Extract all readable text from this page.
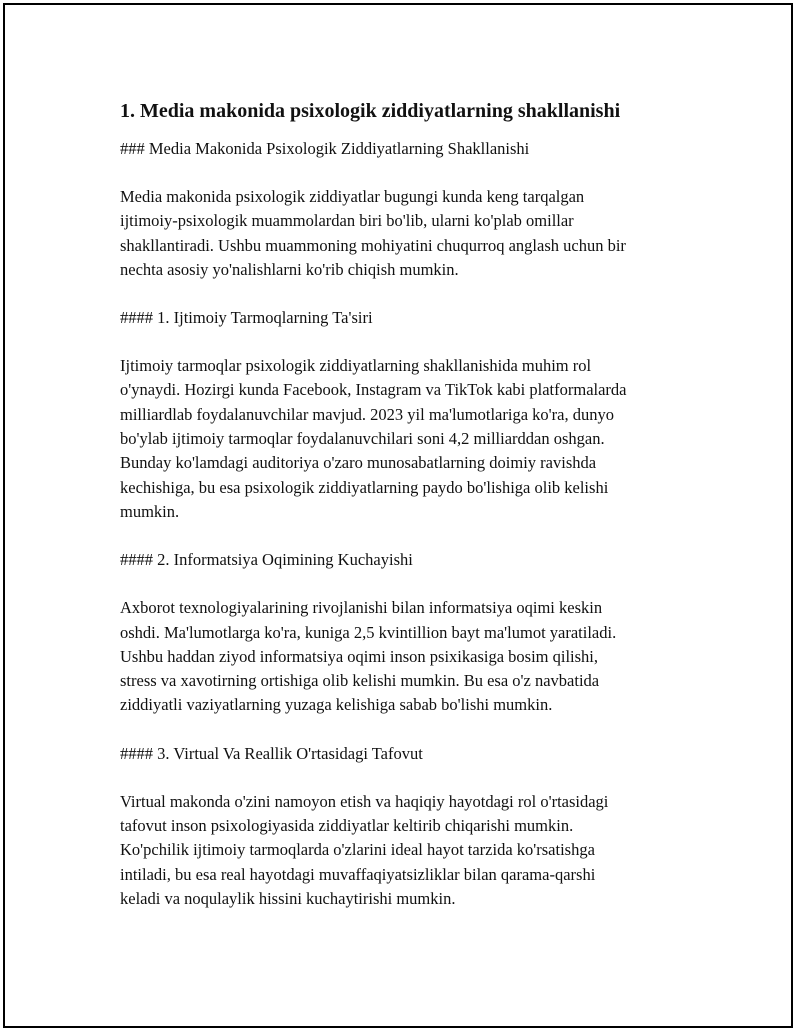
1. Media makonida psixologik ziddiyatlarning shakllanishi

### Media Makonida Psixologik Ziddiyatlarning Shakllanishi

Media makonida psixologik ziddiyatlar bugungi kunda keng tarqalgan
ijtimoiy-psixologik muammolardan biri bo'lib, ularni ko'plab omillar
shakllantiradi. Ushbu muammoning mohiyatini chuqurroq anglash uchun bir
nechta asosiy yo'nalishlarni ko'rib chiqish mumkin.

#### 1. Ijtimoiy Tarmoqlarning Ta'siri

Ijtimoiy tarmoqlar psixologik ziddiyatlarning shakllanishida muhim rol
o'ynaydi. Hozirgi kunda Facebook, Instagram va TikTok kabi platformalarda
milliardlab foydalanuvchilar mavjud. 2023 yil ma'lumotlariga ko'ra, dunyo
bo'ylab ijtimoiy tarmoqlar foydalanuvchilari soni 4,2 milliarddan oshgan.
Bunday ko'lamdagi auditoriya o'zaro munosabatlarning doimiy ravishda
kechishiga, bu esa psixologik ziddiyatlarning paydo bo'lishiga olib kelishi
mumkin.

#### 2. Informatsiya Oqimining Kuchayishi

Axborot texnologiyalarining rivojlanishi bilan informatsiya oqimi keskin
oshdi. Ma'lumotlarga ko'ra, kuniga 2,5 kvintillion bayt ma'lumot yaratiladi.
Ushbu haddan ziyod informatsiya oqimi inson psixikasiga bosim qilishi,
stress va xavotirning ortishiga olib kelishi mumkin. Bu esa o'z navbatida
ziddiyatli vaziyatlarning yuzaga kelishiga sabab bo'lishi mumkin.

#### 3. Virtual Va Reallik O'rtasidagi Tafovut

Virtual makonda o'zini namoyon etish va haqiqiy hayotdagi rol o'rtasidagi
tafovut inson psixologiyasida ziddiyatlar keltirib chiqarishi mumkin.
Ko'pchilik ijtimoiy tarmoqlarda o'zlarini ideal hayot tarzida ko'rsatishga
intiladi, bu esa real hayotdagi muvaffaqiyatsizliklar bilan qarama-qarshi
keladi va noqulaylik hissini kuchaytirishi mumkin.
